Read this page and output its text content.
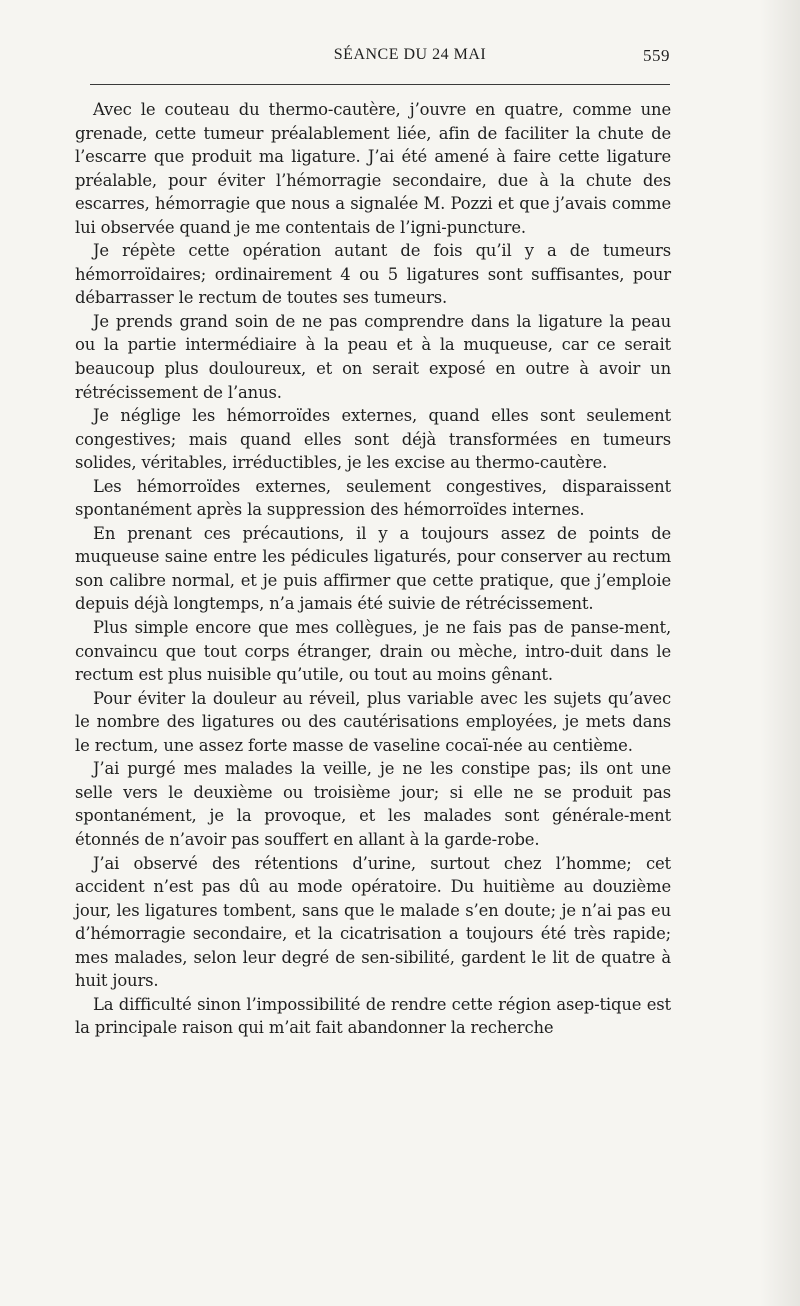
SÉANCE DU 24 MAI	559

Avec le couteau du thermo-cautère, j’ouvre en quatre, comme une grenade, cette tumeur préalablement liée, afin de faciliter la chute de l’escarre que produit ma ligature. J’ai été amené à faire cette ligature préalable, pour éviter l’hémorragie secondaire, due à la chute des escarres, hémorragie que nous a signalée M. Pozzi et que j’avais comme lui observée quand je me contentais de l’igni-puncture.

Je répète cette opération autant de fois qu’il y a de tumeurs hémorroïdaires; ordinairement 4 ou 5 ligatures sont suffisantes, pour débarrasser le rectum de toutes ses tumeurs.

Je prends grand soin de ne pas comprendre dans la ligature la peau ou la partie intermédiaire à la peau et à la muqueuse, car ce serait beaucoup plus douloureux, et on serait exposé en outre à avoir un rétrécissement de l’anus.

Je néglige les hémorroïdes externes, quand elles sont seulement congestives; mais quand elles sont déjà transformées en tumeurs solides, véritables, irréductibles, je les excise au thermo-cautère.

Les hémorroïdes externes, seulement congestives, disparaissent spontanément après la suppression des hémorroïdes internes.

En prenant ces précautions, il y a toujours assez de points de muqueuse saine entre les pédicules ligaturés, pour conserver au rectum son calibre normal, et je puis affirmer que cette pratique, que j’emploie depuis déjà longtemps, n’a jamais été suivie de rétrécissement.

Plus simple encore que mes collègues, je ne fais pas de panse-ment, convaincu que tout corps étranger, drain ou mèche, intro-duit dans le rectum est plus nuisible qu’utile, ou tout au moins gênant.

Pour éviter la douleur au réveil, plus variable avec les sujets qu’avec le nombre des ligatures ou des cautérisations employées, je mets dans le rectum, une assez forte masse de vaseline cocaï-née au centième.

J’ai purgé mes malades la veille, je ne les constipe pas; ils ont une selle vers le deuxième ou troisième jour; si elle ne se produit pas spontanément, je la provoque, et les malades sont générale-ment étonnés de n’avoir pas souffert en allant à la garde-robe.

J’ai observé des rétentions d’urine, surtout chez l’homme; cet accident n’est pas dû au mode opératoire. Du huitième au douzième jour, les ligatures tombent, sans que le malade s’en doute; je n’ai pas eu d’hémorragie secondaire, et la cicatrisation a toujours été très rapide; mes malades, selon leur degré de sen-sibilité, gardent le lit de quatre à huit jours.

La difficulté sinon l’impossibilité de rendre cette région asep-tique est la principale raison qui m’ait fait abandonner la recherche
